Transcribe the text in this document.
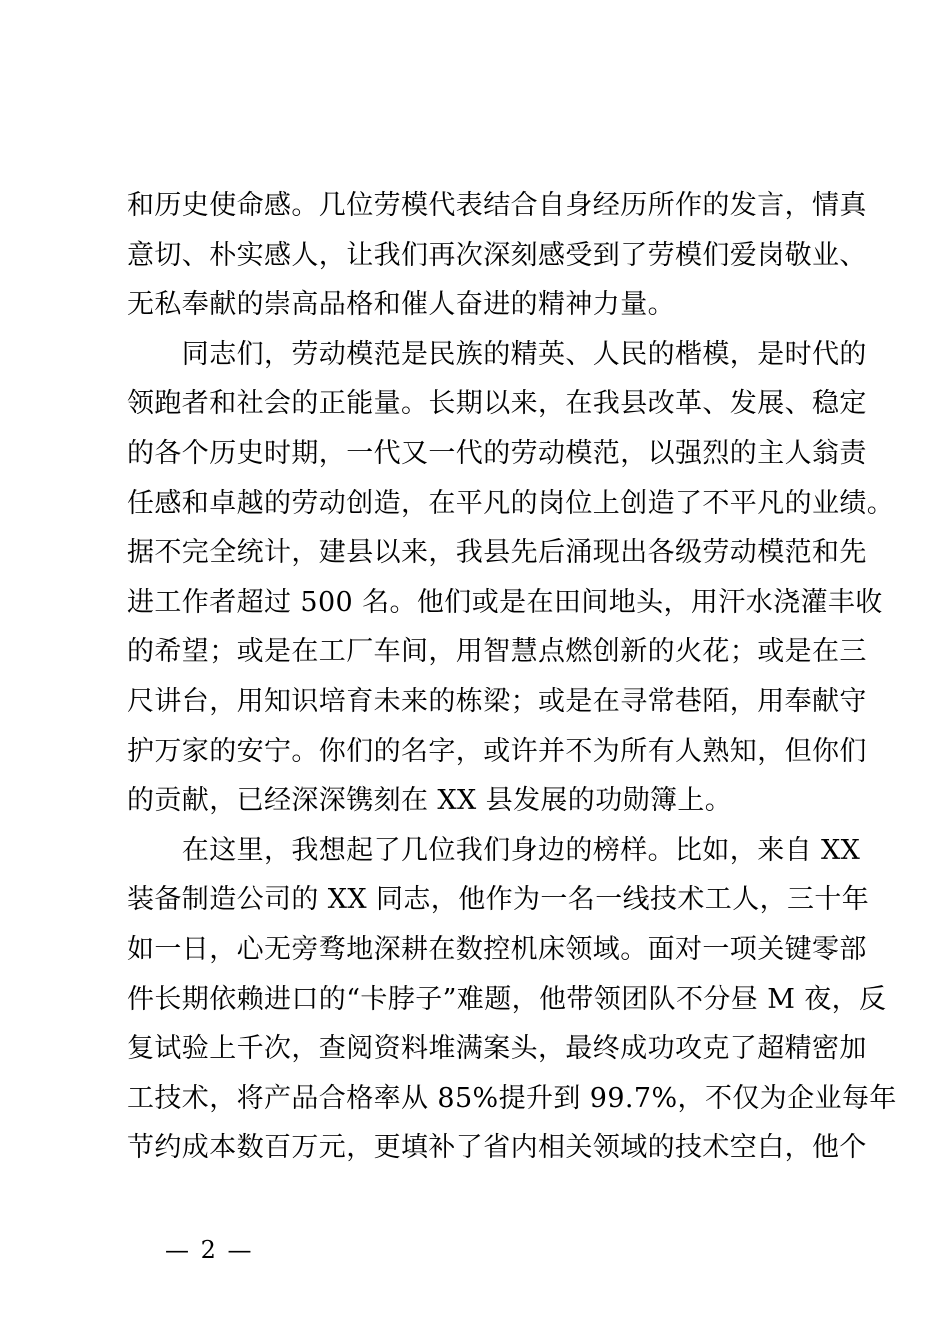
和历史使命感。几位劳模代表结合自身经历所作的发言，情真
意切、朴实感人，让我们再次深刻感受到了劳模们爱岗敬业、
无私奉献的崇高品格和催人奋进的精神力量。
　　同志们，劳动模范是民族的精英、人民的楷模，是时代的
领跑者和社会的正能量。长期以来，在我县改革、发展、稳定
的各个历史时期，一代又一代的劳动模范，以强烈的主人翁责
任感和卓越的劳动创造，在平凡的岗位上创造了不平凡的业绩。
据不完全统计，建县以来，我县先后涌现出各级劳动模范和先
进工作者超过 500 名。他们或是在田间地头，用汗水浇灌丰收
的希望；或是在工厂车间，用智慧点燃创新的火花；或是在三
尺讲台，用知识培育未来的栋梁；或是在寻常巷陌，用奉献守
护万家的安宁。你们的名字，或许并不为所有人熟知，但你们
的贡献，已经深深镌刻在 XX 县发展的功勋簿上。
　　在这里，我想起了几位我们身边的榜样。比如，来自 XX
装备制造公司的 XX 同志，他作为一名一线技术工人，三十年
如一日，心无旁骛地深耕在数控机床领域。面对一项关键零部
件长期依赖进口的“卡脖子”难题，他带领团队不分昼 M 夜，反
复试验上千次，查阅资料堆满案头，最终成功攻克了超精密加
工技术，将产品合格率从 85%提升到 99.7%，不仅为企业每年
节约成本数百万元，更填补了省内相关领域的技术空白，他个
— 2 —
